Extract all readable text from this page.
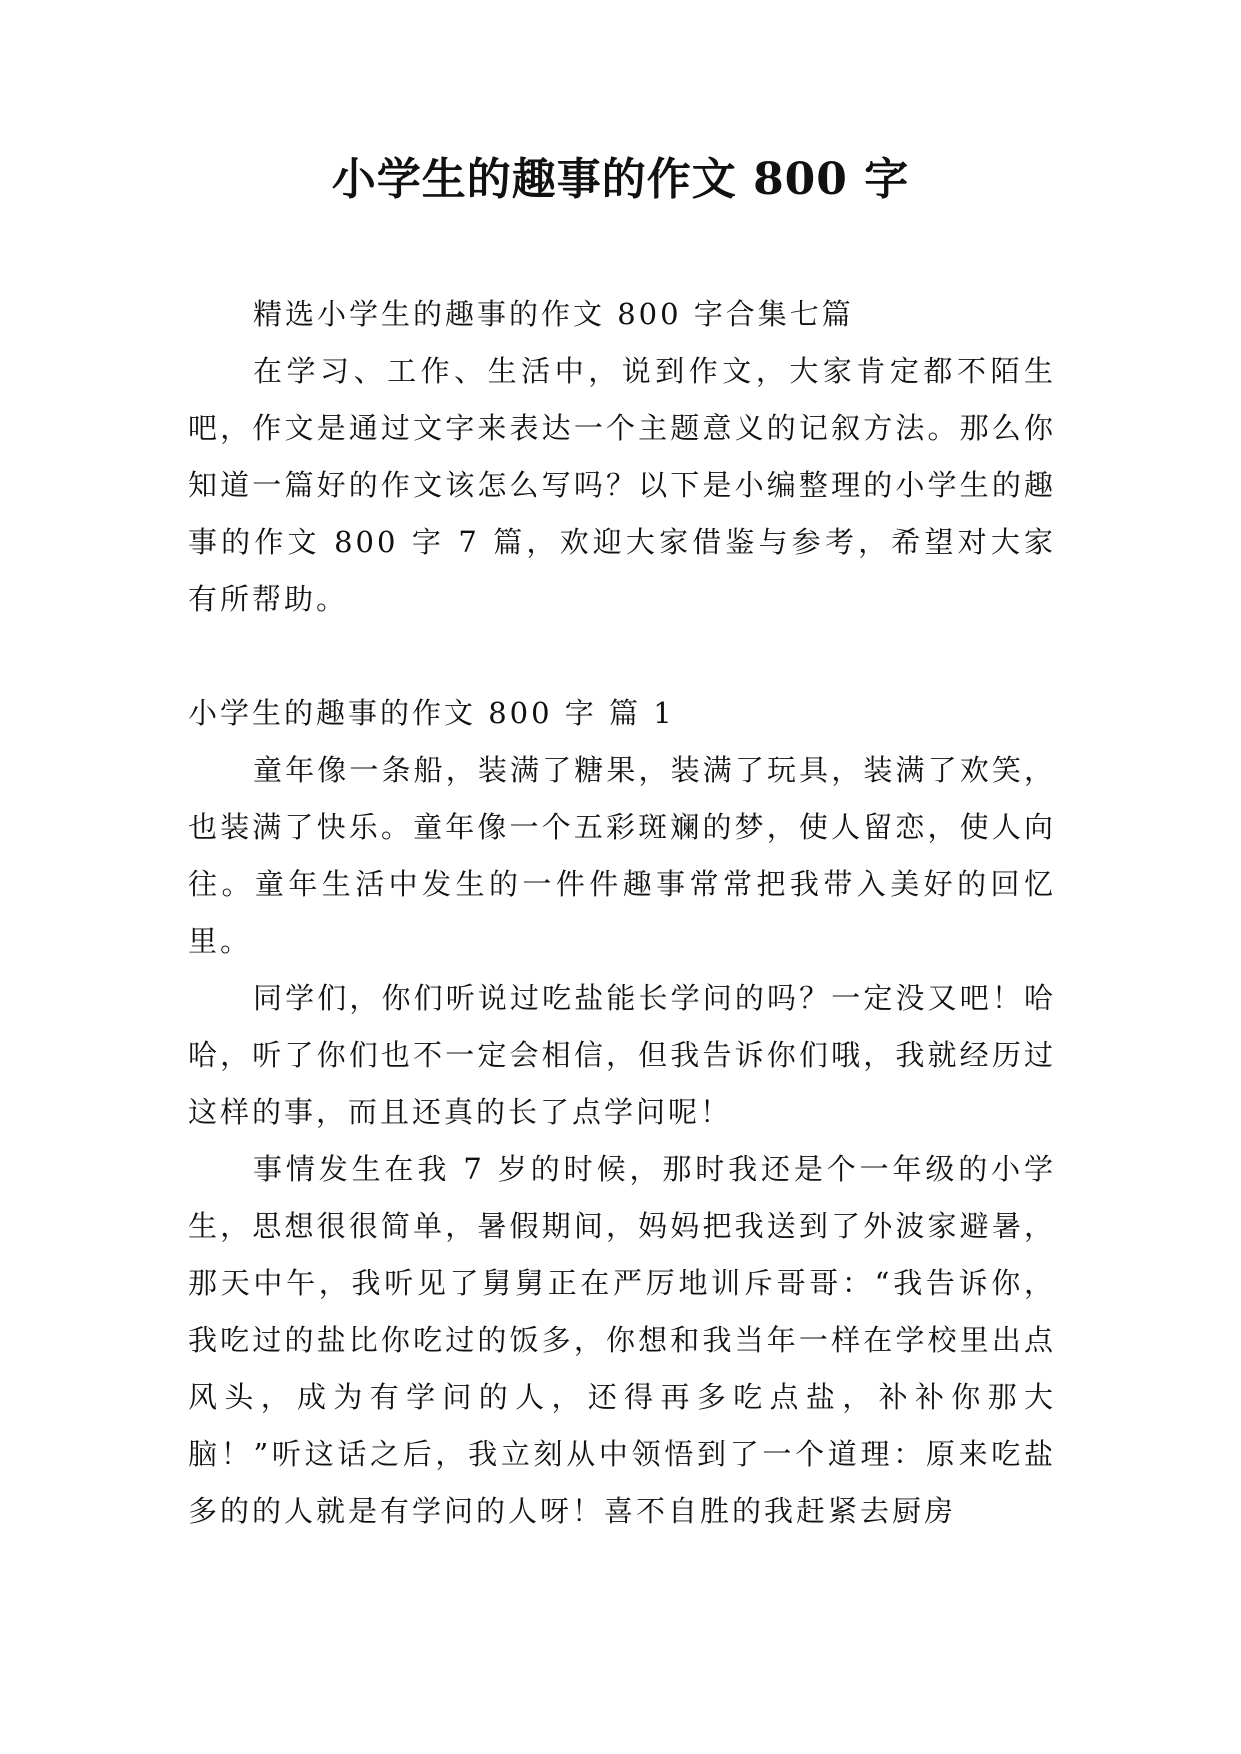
小学生的趣事的作文 800 字

精选小学生的趣事的作文 800 字合集七篇

在学习、工作、生活中，说到作文，大家肯定都不陌生吧，作文是通过文字来表达一个主题意义的记叙方法。那么你知道一篇好的作文该怎么写吗？以下是小编整理的小学生的趣事的作文 800 字 7 篇，欢迎大家借鉴与参考，希望对大家有所帮助。

小学生的趣事的作文 800 字 篇 1

童年像一条船，装满了糖果，装满了玩具，装满了欢笑，也装满了快乐。童年像一个五彩斑斓的梦，使人留恋，使人向往。童年生活中发生的一件件趣事常常把我带入美好的回忆里。

同学们，你们听说过吃盐能长学问的吗？一定没又吧！哈哈，听了你们也不一定会相信，但我告诉你们哦，我就经历过这样的事，而且还真的长了点学问呢！

事情发生在我 7 岁的时候，那时我还是个一年级的小学生，思想很很简单，暑假期间，妈妈把我送到了外波家避暑，那天中午，我听见了舅舅正在严厉地训斥哥哥：“我告诉你，我吃过的盐比你吃过的饭多，你想和我当年一样在学校里出点风头，成为有学问的人，还得再多吃点盐，补补你那大脑！”听这话之后，我立刻从中领悟到了一个道理：原来吃盐多的的人就是有学问的人呀！喜不自胜的我赶紧去厨房
